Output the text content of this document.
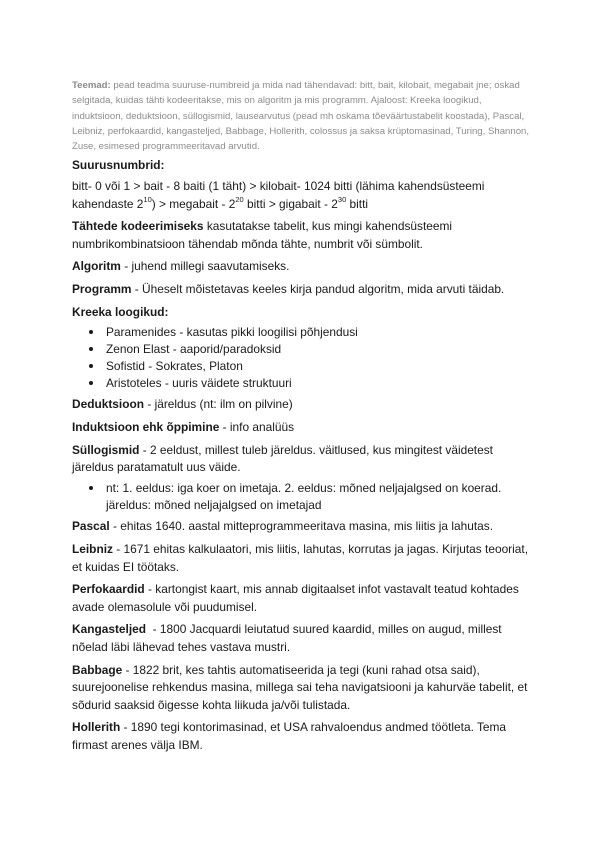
Teemad: pead teadma suuruse-numbreid ja mida nad tähendavad: bitt, bait, kilobait, megabait jne; oskad selgitada, kuidas tähti kodeeritakse, mis on algoritm ja mis programm. Ajaloost: Kreeka loogikud, induktsioon, deduktsioon, süllogismid, lausearvutus (pead mh oskama tõeväärtustabelit koostada), Pascal, Leibniz, perfokaardid, kangasteljed, Babbage, Hollerith, colossus ja saksa krüptomasinad, Turing, Shannon, Zuse, esimesed programmeeritavad arvutid.

Suurusnumbrid:

bitt- 0 või 1 > bait - 8 baiti (1 täht) > kilobait- 1024 bitti (lähima kahendsüsteemi
kahendaste $2^{10}$) > megabait - $2^{20}$ bitti > gigabait - $2^{30}$ bitti

Tähtede kodeerimiseks kasutatakse tabelit, kus mingi kahendsüsteemi numbrikombinatsioon tähendab mõnda tähte, numbrit või sümbolit.

Algoritm - juhend millegi saavutamiseks.

Programm - Üheselt mõistetavas keeles kirja pandud algoritm, mida arvuti täidab.

Kreeka loogikud:

Paramenides - kasutas pikki loogilisi põhjendusi
Zenon Elast - aaporid/paradoksid
Sofistid - Sokrates, Platon
Aristoteles - uuris väidete struktuuri

Deduktsioon - järeldus (nt: ilm on pilvine)

Induktsioon ehk õppimine - info analüüs

Süllogismid - 2 eeldust, millest tuleb järeldus. väitlused, kus mingitest väidetest järeldus paratamatult uus väide.

nt: 1. eeldus: iga koer on imetaja. 2. eeldus: mõned neljajalgsed on koerad. järeldus: mõned neljajalgsed on imetajad

Pascal - ehitas 1640. aastal mitteprogrammeeritava masina, mis liitis ja lahutas.

Leibniz - 1671 ehitas kalkulaatori, mis liitis, lahutas, korrutas ja jagas. Kirjutas teooriat, et kuidas EI töötaks.

Perfokaardid - kartongist kaart, mis annab digitaalset infot vastavalt teatud kohtades avade olemasolule või puudumisel.

Kangasteljed  - 1800 Jacquardi leiutatud suured kaardid, milles on augud, millest nõelad läbi lähevad tehes vastava mustri.

Babbage - 1822 brit, kes tahtis automatiseerida ja tegi (kuni rahad otsa said), suurejoonelise rehkendus masina, millega sai teha navigatsiooni ja kahurväe tabelit, et sõdurid saaksid õigesse kohta liikuda ja/või tulistada.

Hollerith - 1890 tegi kontorimasinad, et USA rahvaloendus andmed töötleta. Tema firmast arenes välja IBM.
